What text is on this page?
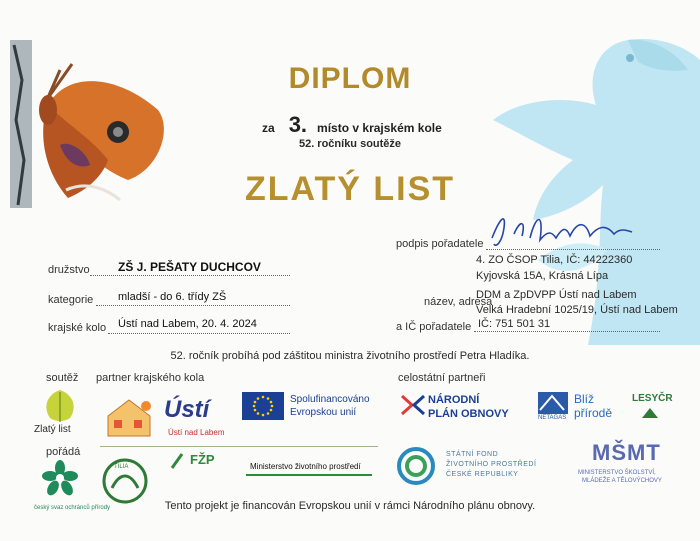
DIPLOM
za 3. místo v krajském kole
52. ročníku soutěže
ZLATÝ LIST
družstvo ZŠ J. PEŠATY DUCHCOV
kategorie mladší - do 6. třídy ZŠ
krajské kolo Ústí nad Labem, 20. 4. 2024
podpis pořadatele
4. ZO ČSOP Tilia, IČ: 44222360
Kyjovská 15A, Krásná Lípa
název, adresa
DDM a ZpDVPP Ústí nad Labem
Velká Hradební 1025/19, Ústí nad Labem
a IČ pořadatele IČ: 751 501 31
52. ročník probíhá pod záštitou ministra životního prostředí Petra Hladíka.
soutěž partner krajského kola	celostátní partneři
pořádá
Zlatý list
Ústí
Ústí nad Labem
Spolufinancováno
Evropskou unií
NÁRODNÍ
PLÁN OBNOVY	NETAGAS
Blíž
přírodě
LESYČR
český svaz ochránců přírody
TILIA	FŽP	Ministerstvo životního prostředí
STÁTNÍ FOND
ŽIVOTNÍHO PROSTŘEDÍ
ČESKÉ REPUBLIKY
MŠMT
MINISTERSTVO ŠKOLSTVÍ,
MLÁDEŽE A TĚLOVÝCHOVY
Tento projekt je financován Evropskou unií v rámci Národního plánu obnovy.
